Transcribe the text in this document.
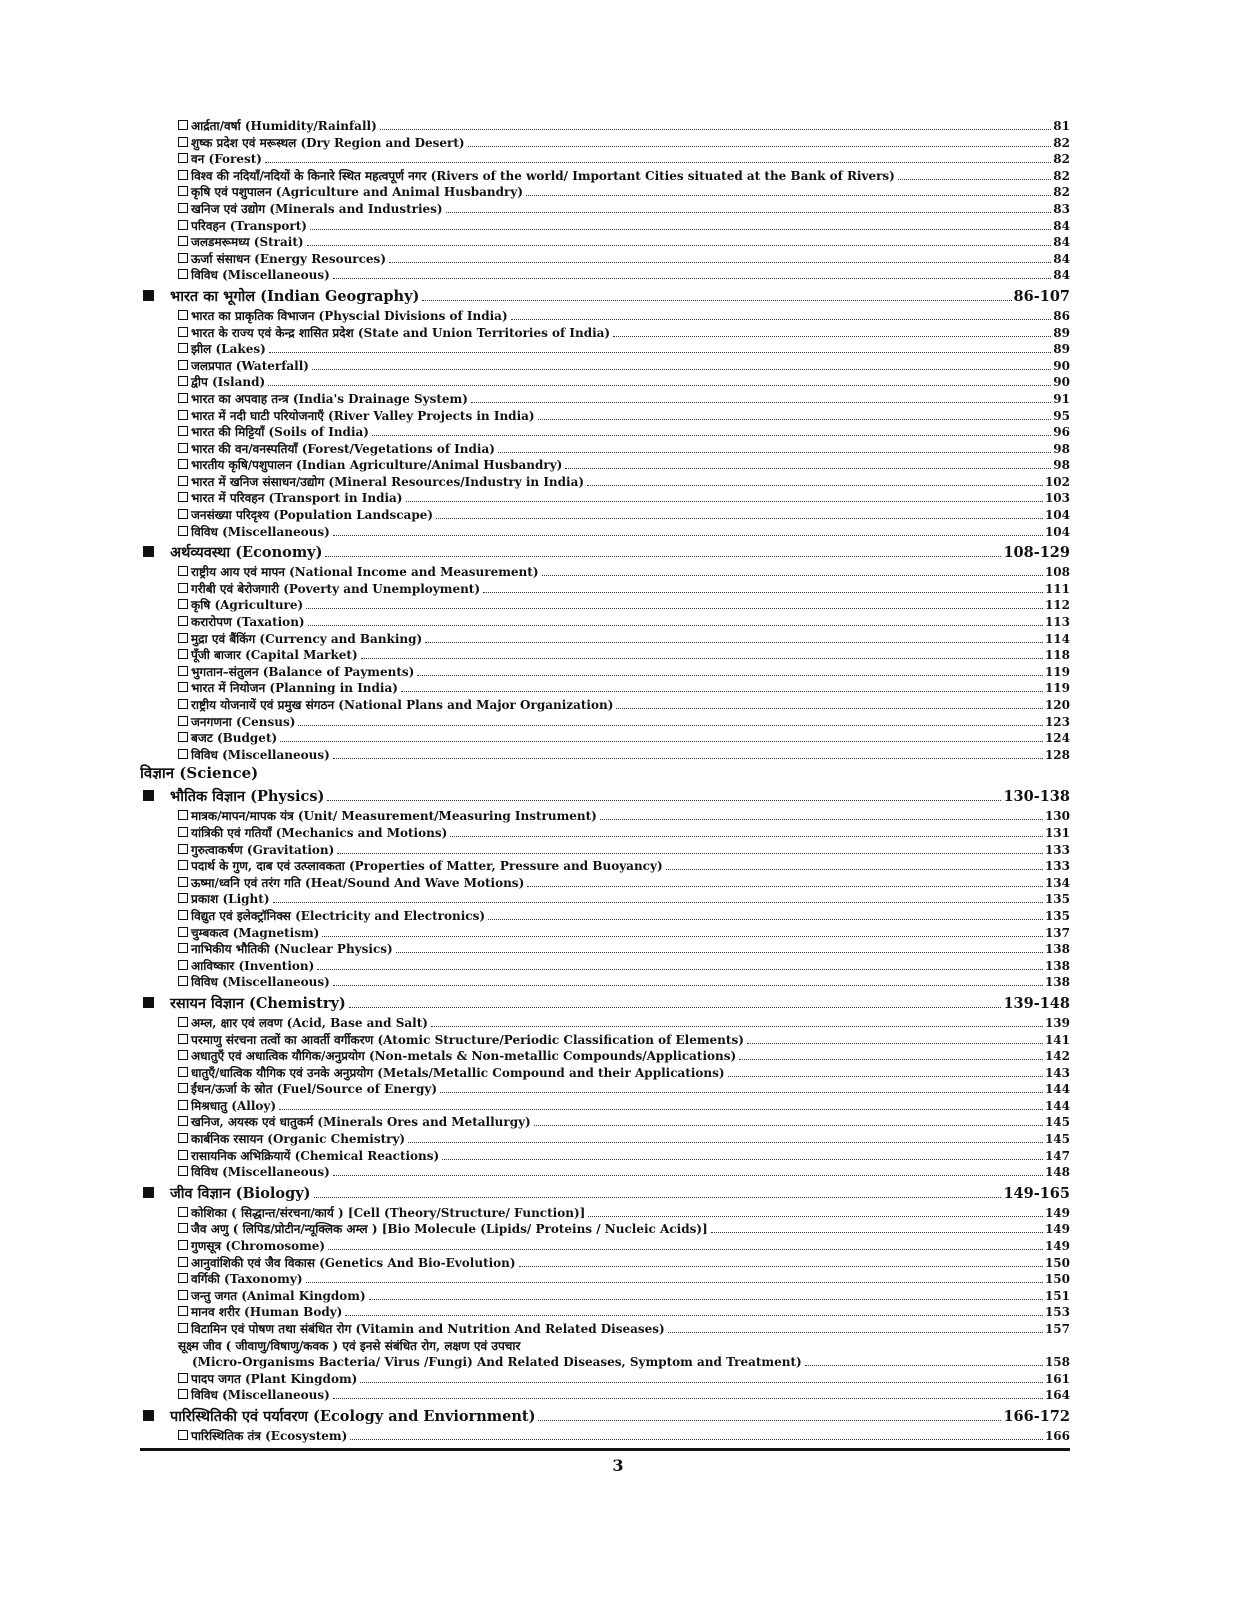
आर्द्रता/वर्षा (Humidity/Rainfall)	81
शुष्क प्रदेश एवं मरूस्थल (Dry Region and Desert)	82
वन (Forest)	82
विश्व की नदियाँ/नदियों के किनारे स्थित महत्वपूर्ण नगर (Rivers of the world/ Important Cities situated at the Bank of Rivers)	82
कृषि एवं पशुपालन (Agriculture and Animal Husbandry)	82
खनिज एवं उद्योग (Minerals and Industries)	83
परिवहन (Transport)	84
जलडमरूमध्य (Strait)	84
ऊर्जा संसाधन (Energy Resources)	84
विविध (Miscellaneous)	84
भारत का भूगोल (Indian Geography)	86-107
भारत का प्राकृतिक विभाजन (Physcial Divisions of India)	86
भारत के राज्य एवं केन्द्र शासित प्रदेश (State and Union Territories of India)	89
झील (Lakes)	89
जलप्रपात (Waterfall)	90
द्वीप (Island)	90
भारत का अपवाह तन्त्र (India's Drainage System)	91
भारत में नदी घाटी परियोजनाएँ (River Valley Projects in India)	95
भारत की मिट्टियाँ (Soils of India)	96
भारत की वन/वनस्पतियाँ (Forest/Vegetations of India)	98
भारतीय कृषि/पशुपालन (Indian Agriculture/Animal Husbandry)	98
भारत में खनिज संसाधन/उद्योग (Mineral Resources/Industry in India)	102
भारत में परिवहन (Transport in India)	103
जनसंख्या परिदृश्य (Population Landscape)	104
विविध (Miscellaneous)	104
अर्थव्यवस्था (Economy)	108-129
राष्ट्रीय आय एवं मापन (National Income and Measurement)	108
गरीबी एवं बेरोजगारी (Poverty and Unemployment)	111
कृषि (Agriculture)	112
करारोपण (Taxation)	113
मुद्रा एवं बैंकिंग (Currency and Banking)	114
पूँजी बाजार (Capital Market)	118
भुगतान–संतुलन (Balance of Payments)	119
भारत में नियोजन (Planning in India)	119
राष्ट्रीय योजनायें एवं प्रमुख संगठन (National Plans and Major Organization)	120
जनगणना (Census)	123
बजट (Budget)	124
विविध (Miscellaneous)	128
विज्ञान (Science)
भौतिक विज्ञान (Physics)	130-138
मात्रक/मापन/मापक यंत्र (Unit/ Measurement/Measuring Instrument)	130
यांत्रिकी एवं गतियाँ (Mechanics and Motions)	131
गुरुत्वाकर्षण (Gravitation)	133
पदार्थ के गुण, दाब एवं उत्प्लावकता (Properties of Matter, Pressure and Buoyancy)	133
ऊष्मा/ध्वनि एवं तरंग गति (Heat/Sound And Wave Motions)	134
प्रकाश (Light)	135
विद्युत एवं इलेक्ट्रॉनिक्स (Electricity and Electronics)	135
चुम्बकत्व (Magnetism)	137
नाभिकीय भौतिकी (Nuclear Physics)	138
आविष्कार (Invention)	138
विविध (Miscellaneous)	138
रसायन विज्ञान (Chemistry)	139-148
अम्ल, क्षार एवं लवण (Acid, Base and Salt)	139
परमाणु संरचना तत्वों का आवर्ती वर्गीकरण (Atomic Structure/Periodic Classification of Elements)	141
अधातुएँ एवं अधात्विक यौगिक/अनुप्रयोग (Non-metals & Non-metallic Compounds/Applications)	142
धातुएँ/धात्विक यौगिक एवं उनके अनुप्रयोग (Metals/Metallic Compound and their Applications)	143
ईंधन/ऊर्जा के स्रोत (Fuel/Source of Energy)	144
मिश्रधातु (Alloy)	144
खनिज, अयस्क एवं धातुकर्म (Minerals Ores and Metallurgy)	145
कार्बनिक रसायन (Organic Chemistry)	145
रासायनिक अभिक्रियायें (Chemical Reactions)	147
विविध (Miscellaneous)	148
जीव विज्ञान (Biology)	149-165
कोशिका ( सिद्धान्त/संरचना/कार्य ) [Cell (Theory/Structure/ Function)]	149
जैव अणु ( लिपिड/प्रोटीन/न्यूक्लिक अम्ल ) [Bio Molecule (Lipids/ Proteins / Nucleic Acids)]	149
गुणसूत्र (Chromosome)	149
आनुवांशिकी एवं जैव विकास (Genetics And Bio-Evolution)	150
वर्गिकी (Taxonomy)	150
जन्तु जगत (Animal Kingdom)	151
मानव शरीर (Human Body)	153
विटामिन एवं पोषण तथा संबंधित रोग (Vitamin and Nutrition And Related Diseases)	157
सूक्ष्म जीव ( जीवाणु/विषाणु/कवक ) एवं इनसे संबंधित रोग, लक्षण एवं उपचार
(Micro-Organisms Bacteria/ Virus /Fungi) And Related Diseases, Symptom and Treatment)	158
पादप जगत (Plant Kingdom)	161
विविध (Miscellaneous)	164
पारिस्थितिकी एवं पर्यावरण (Ecology and Enviornment)	166-172
पारिस्थितिक तंत्र (Ecosystem)	166
3
